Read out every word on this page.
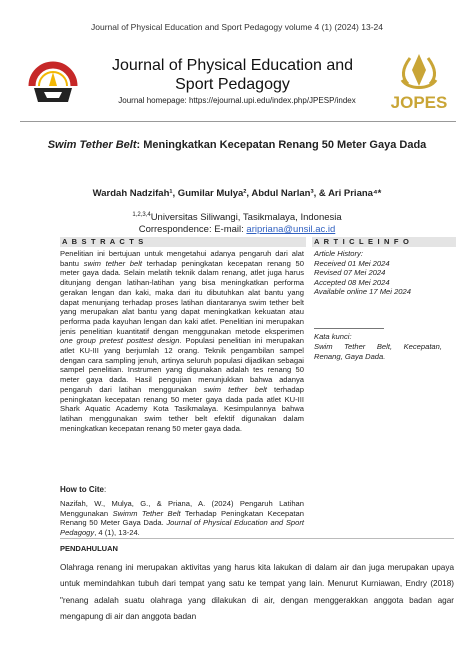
Journal of Physical Education and Sport Pedagogy volume 4 (1) (2024) 13-24
Journal of Physical Education and
Sport Pedagogy
Journal homepage: https://ejournal.upi.edu/index.php/JPESP/index	JOPES
Swim Tether Belt: Meningkatkan Kecepatan Renang 50 Meter Gaya Dada
Wardah Nadzifah¹, Gumilar Mulya², Abdul Narlan³, & Ari Priana⁴*
$^{1,2,3,4}$Universitas Siliwangi, Tasikmalaya, Indonesia
Correspondence: E-mail: aripriana@unsil.ac.id
A B S T R A C T S	A R T I C L E I N F O
Penelitian ini bertujuan untuk mengetahui adanya pengaruh dari alat bantu swim tether belt terhadap peningkatan kecepatan renang 50 meter gaya dada. Selain melatih teknik dalam renang, atlet juga harus ditunjang dengan latihan-latihan yang bisa meningkatkan performa gerakan lengan dan kaki, maka dari itu dibutuhkan alat bantu yang dapat menunjang terhadap proses latihan diantaranya swim tether belt yang merupakan alat bantu yang dapat meningkatkan kekuatan atau performa pada kayuhan lengan dan kaki atlet. Penelitian ini merupakan jenis penelitian kuantitatif dengan menggunakan metode eksperimen one group pretest posttest design. Populasi penelitian ini merupakan atlet KU-III yang berjumlah 12 orang. Teknik pengambilan sampel dengan cara sampling jenuh, artinya seluruh populasi dijadikan sebagai sampel penelitian. Instrumen yang digunakan adalah tes renang 50 meter gaya dada. Hasil pengujian menunjukkan bahwa adanya pengaruh dari latihan menggunakan swim tether belt terhadap peningkatan kecepatan renang 50 meter gaya dada pada atlet KU-III Shark Aquatic Academy Kota Tasikmalaya. Kesimpulannya bahwa latihan menggunakan swim tether belt efektif digunakan dalam meningkatkan kecepatan renang 50 meter gaya dada.
Article History:
Received 01 Mei 2024
Revised 07 Mei 2024
Accepted 08 Mei 2024
Available online 17 Mei 2024
Kata kunci:
Swim Tether Belt, Kecepatan, Renang, Gaya Dada.
How to Cite:
Nazifah, W., Mulya, G., & Priana, A. (2024) Pengaruh Latihan Menggunakan Swimm Tether Belt Terhadap Peningkatan Kecepatan Renang 50 Meter Gaya Dada. Journal of Physical Education and Sport Pedagogy, 4 (1), 13-24.
PENDAHULUAN
Olahraga renang ini merupakan aktivitas yang harus kita lakukan di dalam air dan juga merupakan upaya untuk memindahkan tubuh dari tempat yang satu ke tempat yang lain. Menurut Kurniawan, Endry (2018) "renang adalah suatu olahraga yang dilakukan di air, dengan menggerakkan anggota badan agar mengapung di air dan anggota badan
